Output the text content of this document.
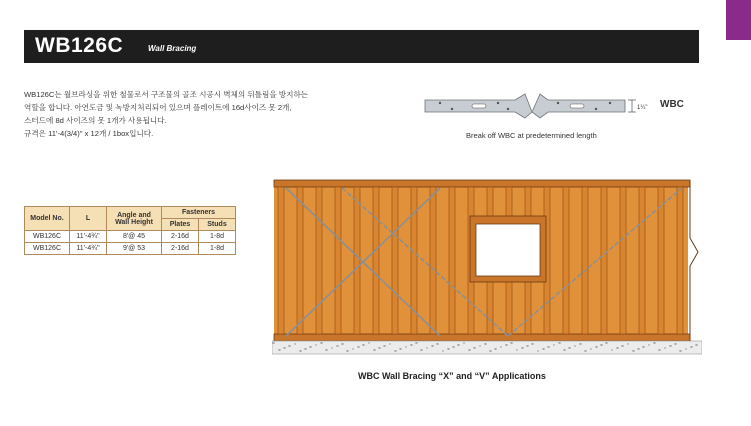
WB126C	Wall Bracing
WB126C는 월브라싱을 위한 철물로서 구조물의 골조 시공시 벽체의 뒤틀림을 방지하는
역할을 합니다. 아연도금 및 녹방지처리되어 있으며 플레이트에 16d사이즈 못 2개,
스터드에 8d 사이즈의 못 1개가 사용됩니다.
규격은 11'-4(3/4)" x 12개 / 1box입니다.
1¼" WBC
Break off WBC at predetermined length
Model No.	L	Angle and Wall Height	Fasteners	
			Plates	Studs
WB126C	11'-4¾"	8'@ 45	2-16d	1-8d
WB126C	11'-4¾"	9'@ 53	2-16d	1-8d
WBC Wall Bracing “X” and “V” Applications
